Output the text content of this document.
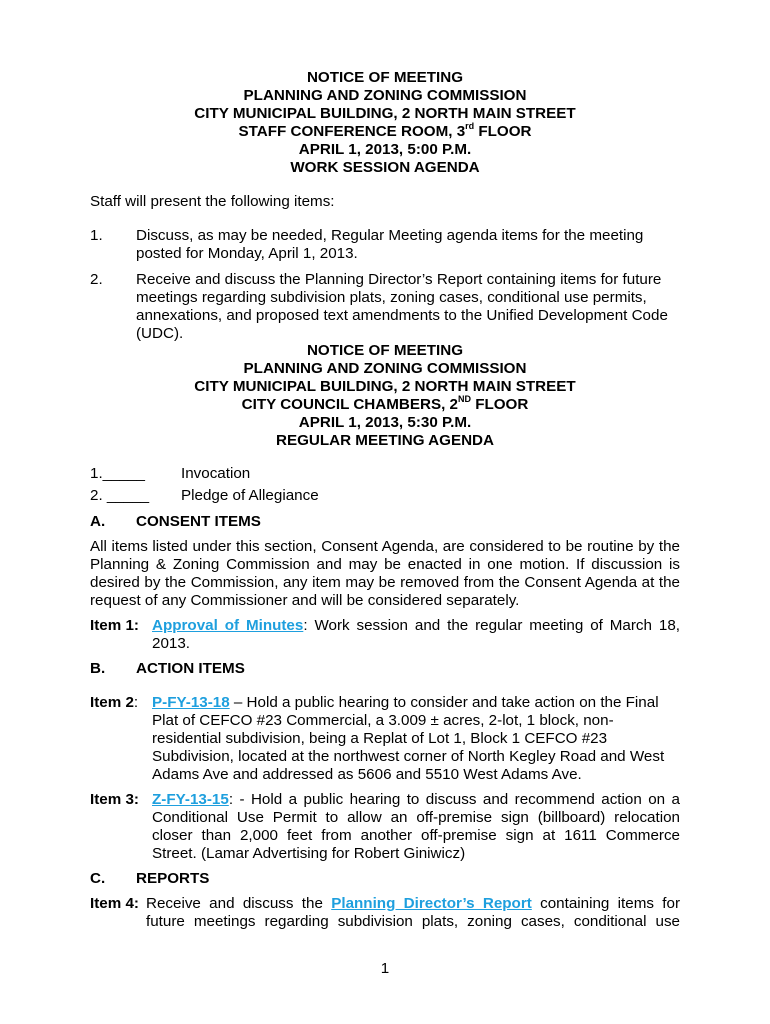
NOTICE OF MEETING
PLANNING AND ZONING COMMISSION
CITY MUNICIPAL BUILDING, 2 NORTH MAIN STREET
STAFF CONFERENCE ROOM, 3rd FLOOR
APRIL 1, 2013, 5:00 P.M.
WORK SESSION AGENDA
Staff will present the following items:
1. Discuss, as may be needed, Regular Meeting agenda items for the meeting
posted for Monday, April 1, 2013.
2. Receive and discuss the Planning Director’s Report containing items for future
meetings regarding subdivision plats, zoning cases, conditional use permits,
annexations, and proposed text amendments to the Unified Development Code
(UDC).
NOTICE OF MEETING
PLANNING AND ZONING COMMISSION
CITY MUNICIPAL BUILDING, 2 NORTH MAIN STREET
CITY COUNCIL CHAMBERS, 2ND FLOOR
APRIL 1, 2013, 5:30 P.M.
REGULAR MEETING AGENDA
1._____ Invocation
2. _____ Pledge of Allegiance
A. CONSENT ITEMS
All items listed under this section, Consent Agenda, are considered to be routine by the
Planning & Zoning Commission and may be enacted in one motion. If discussion is
desired by the Commission, any item may be removed from the Consent Agenda at the
request of any Commissioner and will be considered separately.
Item 1: Approval of Minutes: Work session and the regular meeting of March 18,
2013.
B. ACTION ITEMS
Item 2: P-FY-13-18 – Hold a public hearing to consider and take action on the Final
Plat of CEFCO #23 Commercial, a 3.009 ± acres, 2-lot, 1 block, non-
residential subdivision, being a Replat of Lot 1, Block 1 CEFCO #23
Subdivision, located at the northwest corner of North Kegley Road and West
Adams Ave and addressed as 5606 and 5510 West Adams Ave.
Item 3: Z-FY-13-15: - Hold a public hearing to discuss and recommend action on a
Conditional Use Permit to allow an off-premise sign (billboard) relocation
closer than 2,000 feet from another off-premise sign at 1611 Commerce
Street. (Lamar Advertising for Robert Giniwicz)
C. REPORTS
Item 4: Receive and discuss the Planning Director’s Report containing items for
future meetings regarding subdivision plats, zoning cases, conditional use
1
